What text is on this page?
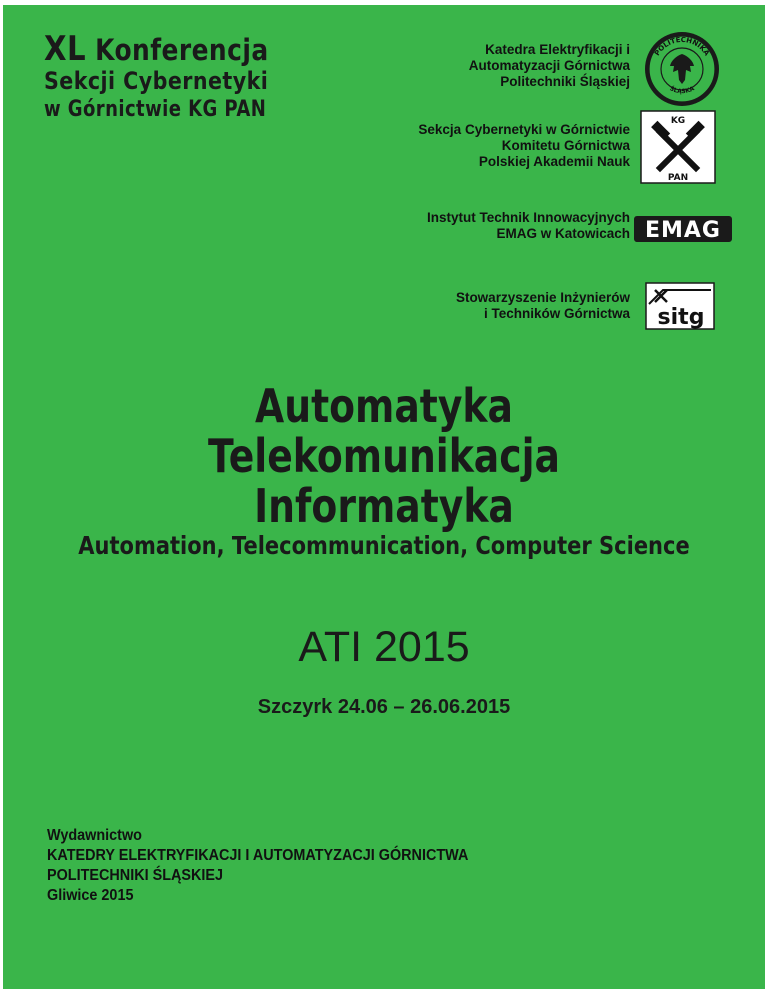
XL Konferencja
Sekcji Cybernetyki
w Górnictwie KG PAN
Katedra Elektryfikacji i
Automatyzacji Górnictwa
Politechniki Śląskiej
POLITECHNIKA
ŚLĄSKA
Sekcja Cybernetyki w Górnictwie
Komitetu Górnictwa
Polskiej Akademii Nauk
KG
PAN
Instytut Technik Innowacyjnych
EMAG w Katowicach EMAG
Stowarzyszenie Inżynierów
i Techników Górnictwa sitg
Automatyka
Telekomunikacja
Informatyka
Automation, Telecommunication, Computer Science
ATI 2015
Szczyrk 24.06 – 26.06.2015
Wydawnictwo
KATEDRY ELEKTRYFIKACJI I AUTOMATYZACJI GÓRNICTWA
POLITECHNIKI ŚLĄSKIEJ
Gliwice 2015
